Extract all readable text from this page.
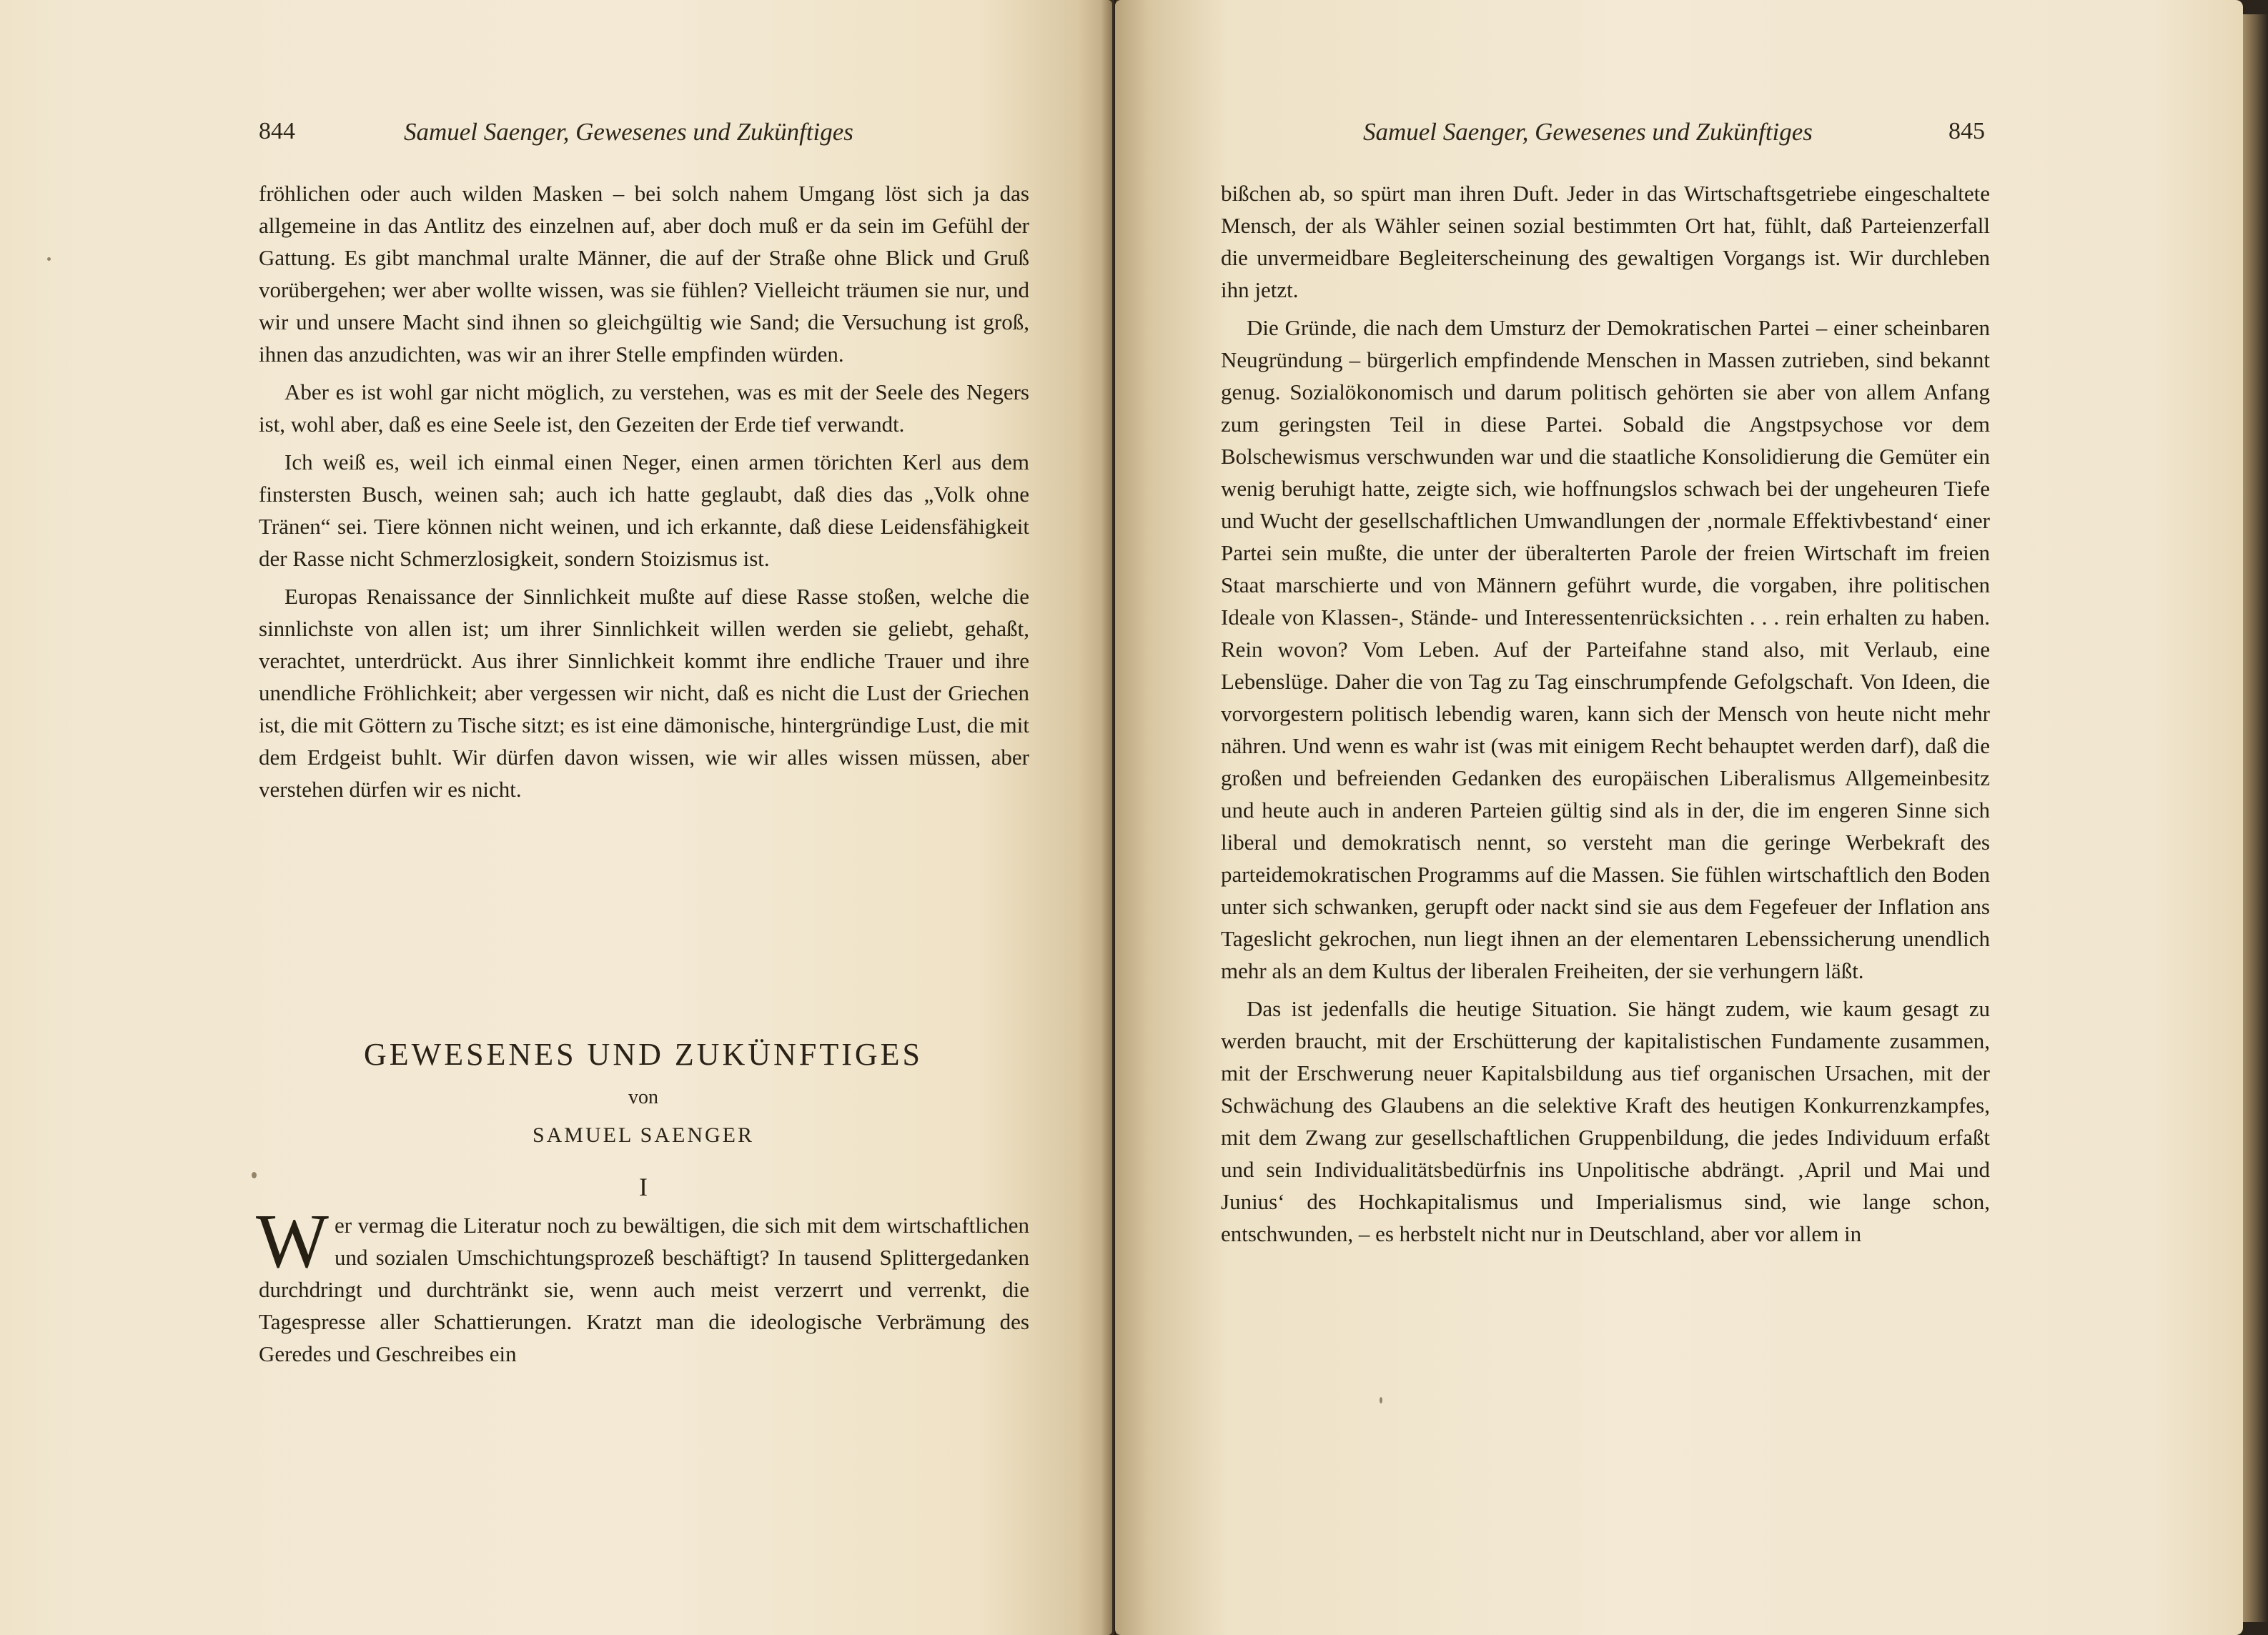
844	Samuel Saenger, Gewesenes und Zukünftiges

fröhlichen oder auch wilden Masken – bei solch nahem Umgang löst sich ja das allgemeine in das Antlitz des einzelnen auf, aber doch muß er da sein im Gefühl der Gattung. Es gibt manchmal uralte Männer, die auf der Straße ohne Blick und Gruß vorübergehen; wer aber wollte wissen, was sie fühlen? Vielleicht träumen sie nur, und wir und unsere Macht sind ihnen so gleichgültig wie Sand; die Versuchung ist groß, ihnen das anzudichten, was wir an ihrer Stelle empfinden würden.

Aber es ist wohl gar nicht möglich, zu verstehen, was es mit der Seele des Negers ist, wohl aber, daß es eine Seele ist, den Gezeiten der Erde tief verwandt.

Ich weiß es, weil ich einmal einen Neger, einen armen törichten Kerl aus dem finstersten Busch, weinen sah; auch ich hatte geglaubt, daß dies das „Volk ohne Tränen“ sei. Tiere können nicht weinen, und ich erkannte, daß diese Leidensfähigkeit der Rasse nicht Schmerzlosigkeit, sondern Stoizismus ist.

Europas Renaissance der Sinnlichkeit mußte auf diese Rasse stoßen, welche die sinnlichste von allen ist; um ihrer Sinnlichkeit willen werden sie geliebt, gehaßt, verachtet, unterdrückt. Aus ihrer Sinnlichkeit kommt ihre endliche Trauer und ihre unendliche Fröhlichkeit; aber vergessen wir nicht, daß es nicht die Lust der Griechen ist, die mit Göttern zu Tische sitzt; es ist eine dämonische, hintergründige Lust, die mit dem Erdgeist buhlt. Wir dürfen davon wissen, wie wir alles wissen müssen, aber verstehen dürfen wir es nicht.

GEWESENES UND ZUKÜNFTIGES
von
SAMUEL SAENGER
I
W er vermag die Literatur noch zu bewältigen, die sich mit dem wirtschaftlichen und sozialen Umschichtungsprozeß beschäftigt? In tausend Splittergedanken durchdringt und durchtränkt sie, wenn auch meist verzerrt und verrenkt, die Tagespresse aller Schattierungen. Kratzt man die ideologische Verbrämung des Geredes und Geschreibes ein
Samuel Saenger, Gewesenes und Zukünftiges	845

bißchen ab, so spürt man ihren Duft. Jeder in das Wirtschaftsgetriebe eingeschaltete Mensch, der als Wähler seinen sozial bestimmten Ort hat, fühlt, daß Parteienzerfall die unvermeidbare Begleiterscheinung des gewaltigen Vorgangs ist. Wir durchleben ihn jetzt.

Die Gründe, die nach dem Umsturz der Demokratischen Partei – einer scheinbaren Neugründung – bürgerlich empfindende Menschen in Massen zutrieben, sind bekannt genug. Sozialökonomisch und darum politisch gehörten sie aber von allem Anfang zum geringsten Teil in diese Partei. Sobald die Angstpsychose vor dem Bolschewismus verschwunden war und die staatliche Konsolidierung die Gemüter ein wenig beruhigt hatte, zeigte sich, wie hoffnungslos schwach bei der ungeheuren Tiefe und Wucht der gesellschaftlichen Umwandlungen der ‚normale Effektivbestand‘ einer Partei sein mußte, die unter der überalterten Parole der freien Wirtschaft im freien Staat marschierte und von Männern geführt wurde, die vorgaben, ihre politischen Ideale von Klassen-, Stände- und Interessentenrücksichten . . . rein erhalten zu haben. Rein wovon? Vom Leben. Auf der Parteifahne stand also, mit Verlaub, eine Lebenslüge. Daher die von Tag zu Tag einschrumpfende Gefolgschaft. Von Ideen, die vorvorgestern politisch lebendig waren, kann sich der Mensch von heute nicht mehr nähren. Und wenn es wahr ist (was mit einigem Recht behauptet werden darf), daß die großen und befreienden Gedanken des europäischen Liberalismus Allgemeinbesitz und heute auch in anderen Parteien gültig sind als in der, die im engeren Sinne sich liberal und demokratisch nennt, so versteht man die geringe Werbekraft des parteidemokratischen Programms auf die Massen. Sie fühlen wirtschaftlich den Boden unter sich schwanken, gerupft oder nackt sind sie aus dem Fegefeuer der Inflation ans Tageslicht gekrochen, nun liegt ihnen an der elementaren Lebenssicherung unendlich mehr als an dem Kultus der liberalen Freiheiten, der sie verhungern läßt.

Das ist jedenfalls die heutige Situation. Sie hängt zudem, wie kaum gesagt zu werden braucht, mit der Erschütterung der kapitalistischen Fundamente zusammen, mit der Erschwerung neuer Kapitalsbildung aus tief organischen Ursachen, mit der Schwächung des Glaubens an die selektive Kraft des heutigen Konkurrenzkampfes, mit dem Zwang zur gesellschaftlichen Gruppenbildung, die jedes Individuum erfaßt und sein Individualitätsbedürfnis ins Unpolitische abdrängt. ‚April und Mai und Junius‘ des Hochkapitalismus und Imperialismus sind, wie lange schon, entschwunden, – es herbstelt nicht nur in Deutschland, aber vor allem in
